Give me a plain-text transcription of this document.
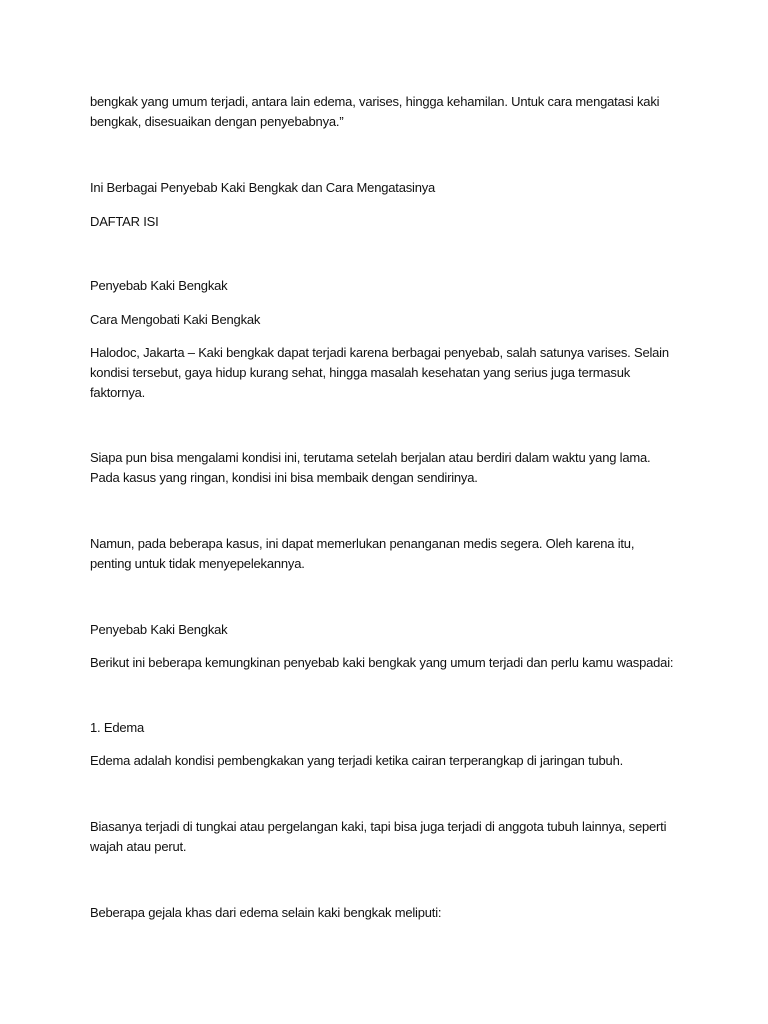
bengkak yang umum terjadi, antara lain edema, varises, hingga kehamilan. Untuk cara mengatasi kaki
bengkak, disesuaikan dengan penyebabnya.”

Ini Berbagai Penyebab Kaki Bengkak dan Cara Mengatasinya

DAFTAR ISI

Penyebab Kaki Bengkak

Cara Mengobati Kaki Bengkak

Halodoc, Jakarta – Kaki bengkak dapat terjadi karena berbagai penyebab, salah satunya varises. Selain
kondisi tersebut, gaya hidup kurang sehat, hingga masalah kesehatan yang serius juga termasuk
faktornya.

Siapa pun bisa mengalami kondisi ini, terutama setelah berjalan atau berdiri dalam waktu yang lama.
Pada kasus yang ringan, kondisi ini bisa membaik dengan sendirinya.

Namun, pada beberapa kasus, ini dapat memerlukan penanganan medis segera. Oleh karena itu,
penting untuk tidak menyepelekannya.

Penyebab Kaki Bengkak

Berikut ini beberapa kemungkinan penyebab kaki bengkak yang umum terjadi dan perlu kamu waspadai:

1. Edema

Edema adalah kondisi pembengkakan yang terjadi ketika cairan terperangkap di jaringan tubuh.

Biasanya terjadi di tungkai atau pergelangan kaki, tapi bisa juga terjadi di anggota tubuh lainnya, seperti
wajah atau perut.

Beberapa gejala khas dari edema selain kaki bengkak meliputi:
